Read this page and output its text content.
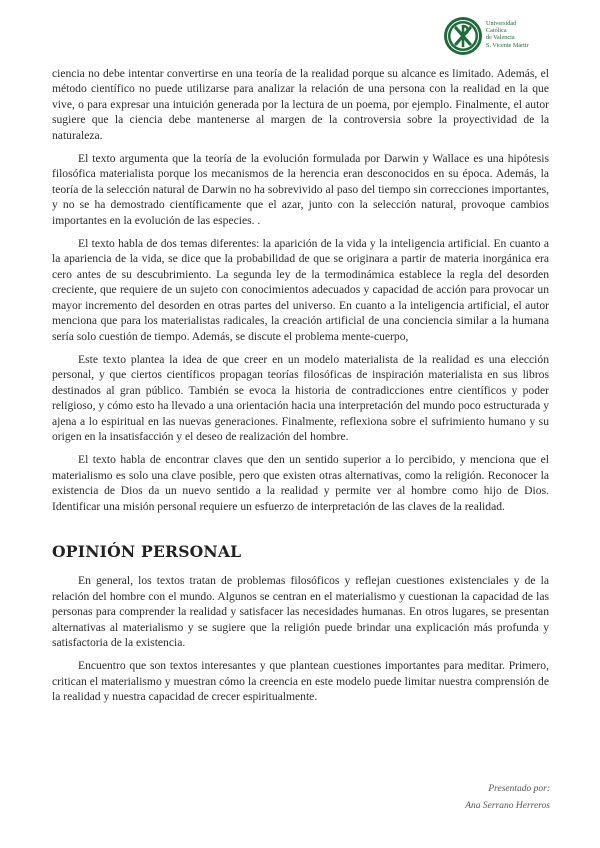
Universidad
Católica
de Valencia
S. Vicente Mártir

ciencia no debe intentar convertirse en una teoría de la realidad porque su alcance es limitado. Además, el método científico no puede utilizarse para analizar la relación de una persona con la realidad en la que vive, o para expresar una intuición generada por la lectura de un poema, por ejemplo. Finalmente, el autor sugiere que la ciencia debe mantenerse al margen de la controversia sobre la proyectividad de la naturaleza.

El texto argumenta que la teoría de la evolución formulada por Darwin y Wallace es una hipótesis filosófica materialista porque los mecanismos de la herencia eran desconocidos en su época. Además, la teoría de la selección natural de Darwin no ha sobrevivido al paso del tiempo sin correcciones importantes, y no se ha demostrado científicamente que el azar, junto con la selección natural, provoque cambios importantes en la evolución de las especies. .

El texto habla de dos temas diferentes: la aparición de la vida y la inteligencia artificial. En cuanto a la apariencia de la vida, se dice que la probabilidad de que se originara a partir de materia inorgánica era cero antes de su descubrimiento. La segunda ley de la termodinámica establece la regla del desorden creciente, que requiere de un sujeto con conocimientos adecuados y capacidad de acción para provocar un mayor incremento del desorden en otras partes del universo. En cuanto a la inteligencia artificial, el autor menciona que para los materialistas radicales, la creación artificial de una conciencia similar a la humana sería solo cuestión de tiempo. Además, se discute el problema mente-cuerpo,

Este texto plantea la idea de que creer en un modelo materialista de la realidad es una elección personal, y que ciertos científicos propagan teorías filosóficas de inspiración materialista en sus libros destinados al gran público. También se evoca la historia de contradicciones entre científicos y poder religioso, y cómo esto ha llevado a una orientación hacia una interpretación del mundo poco estructurada y ajena a lo espiritual en las nuevas generaciones. Finalmente, reflexiona sobre el sufrimiento humano y su origen en la insatisfacción y el deseo de realización del hombre.

El texto habla de encontrar claves que den un sentido superior a lo percibido, y menciona que el materialismo es solo una clave posible, pero que existen otras alternativas, como la religión. Reconocer la existencia de Dios da un nuevo sentido a la realidad y permite ver al hombre como hijo de Dios. Identificar una misión personal requiere un esfuerzo de interpretación de las claves de la realidad.

OPINIÓN PERSONAL

En general, los textos tratan de problemas filosóficos y reflejan cuestiones existenciales y de la relación del hombre con el mundo. Algunos se centran en el materialismo y cuestionan la capacidad de las personas para comprender la realidad y satisfacer las necesidades humanas. En otros lugares, se presentan alternativas al materialismo y se sugiere que la religión puede brindar una explicación más profunda y satisfactoria de la existencia.

Encuentro que son textos interesantes y que plantean cuestiones importantes para meditar. Primero, critican el materialismo y muestran cómo la creencia en este modelo puede limitar nuestra comprensión de la realidad y nuestra capacidad de crecer espiritualmente.

Presentado por:
Ana Serrano Herreros
